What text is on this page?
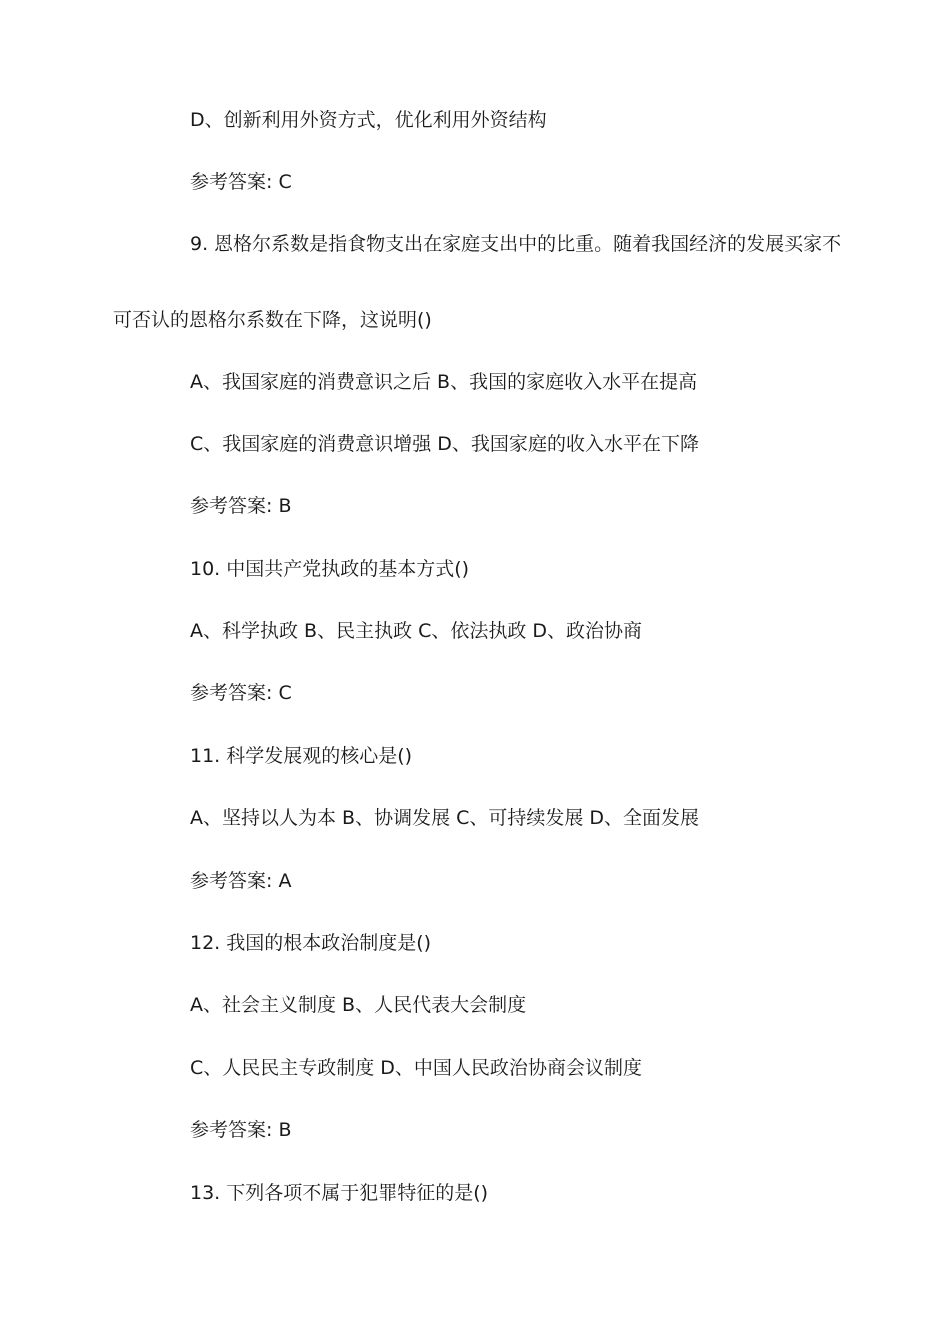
D、创新利用外资方式，优化利用外资结构
参考答案: C
9. 恩格尔系数是指食物支出在家庭支出中的比重。随着我国经济的发展买家不
可否认的恩格尔系数在下降，这说明()
A、我国家庭的消费意识之后 B、我国的家庭收入水平在提高
C、我国家庭的消费意识增强 D、我国家庭的收入水平在下降
参考答案: B
10. 中国共产党执政的基本方式()
A、科学执政 B、民主执政 C、依法执政 D、政治协商
参考答案: C
11. 科学发展观的核心是()
A、坚持以人为本 B、协调发展 C、可持续发展 D、全面发展
参考答案: A
12. 我国的根本政治制度是()
A、社会主义制度 B、人民代表大会制度
C、人民民主专政制度 D、中国人民政治协商会议制度
参考答案: B
13. 下列各项不属于犯罪特征的是()
